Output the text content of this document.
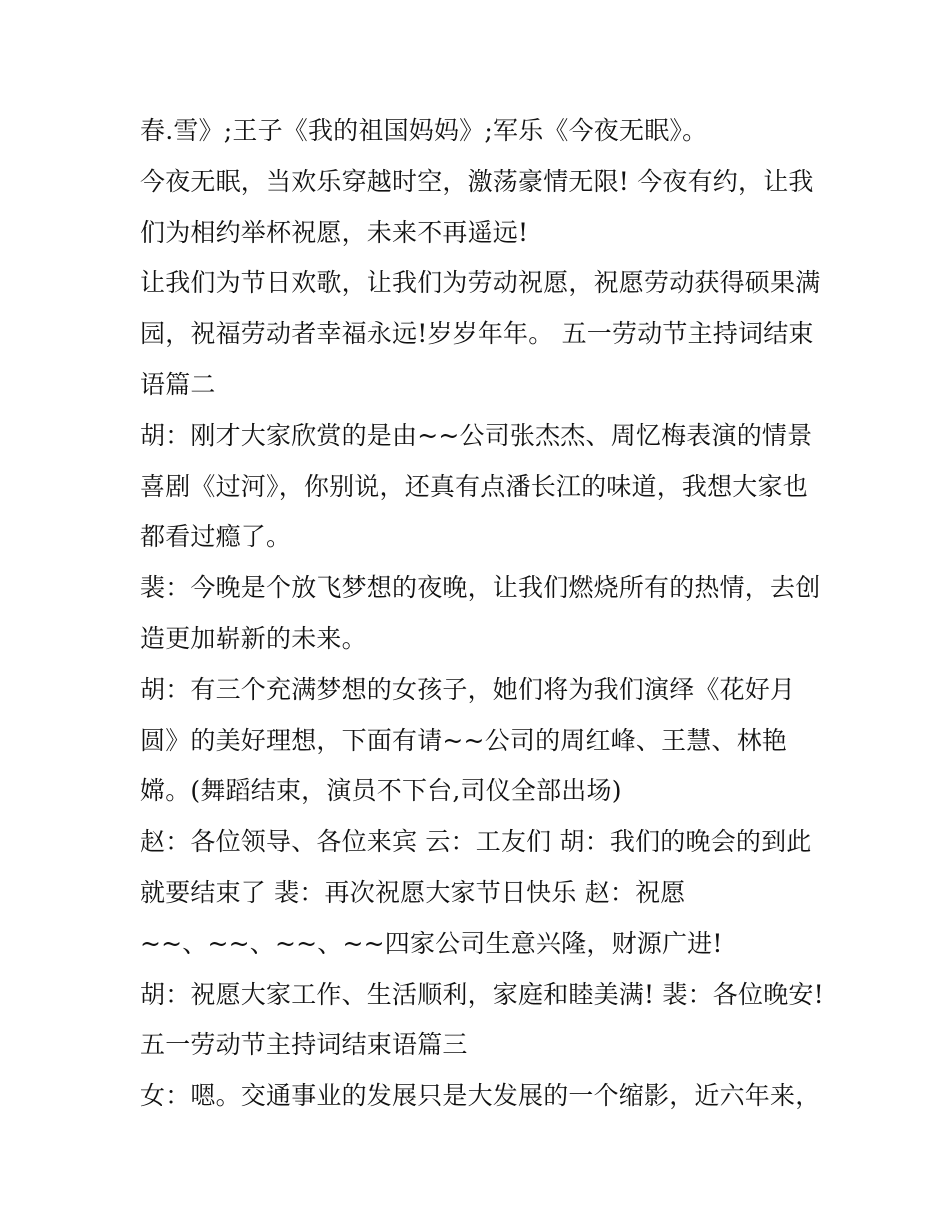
春.雪》;王子《我的祖国妈妈》;军乐《今夜无眠》。
今夜无眠，当欢乐穿越时空，激荡豪情无限! 今夜有约，让我
们为相约举杯祝愿，未来不再遥远!
让我们为节日欢歌，让我们为劳动祝愿，祝愿劳动获得硕果满
园，祝福劳动者幸福永远!岁岁年年。 五一劳动节主持词结束
语篇二
胡：刚才大家欣赏的是由~~公司张杰杰、周忆梅表演的情景
喜剧《过河》，你别说，还真有点潘长江的味道，我想大家也
都看过瘾了。
裴：今晚是个放飞梦想的夜晚，让我们燃烧所有的热情，去创
造更加崭新的未来。
胡：有三个充满梦想的女孩子，她们将为我们演绎《花好月
圆》的美好理想，下面有请~~公司的周红峰、王慧、林艳
嫦。(舞蹈结束，演员不下台,司仪全部出场)
赵：各位领导、各位来宾 云：工友们 胡：我们的晚会的到此
就要结束了 裴：再次祝愿大家节日快乐 赵：祝愿
~~、~~、~~、~~四家公司生意兴隆，财源广进!
胡：祝愿大家工作、生活顺利，家庭和睦美满! 裴：各位晚安!
五一劳动节主持词结束语篇三
女：嗯。交通事业的发展只是大发展的一个缩影，近六年来，
